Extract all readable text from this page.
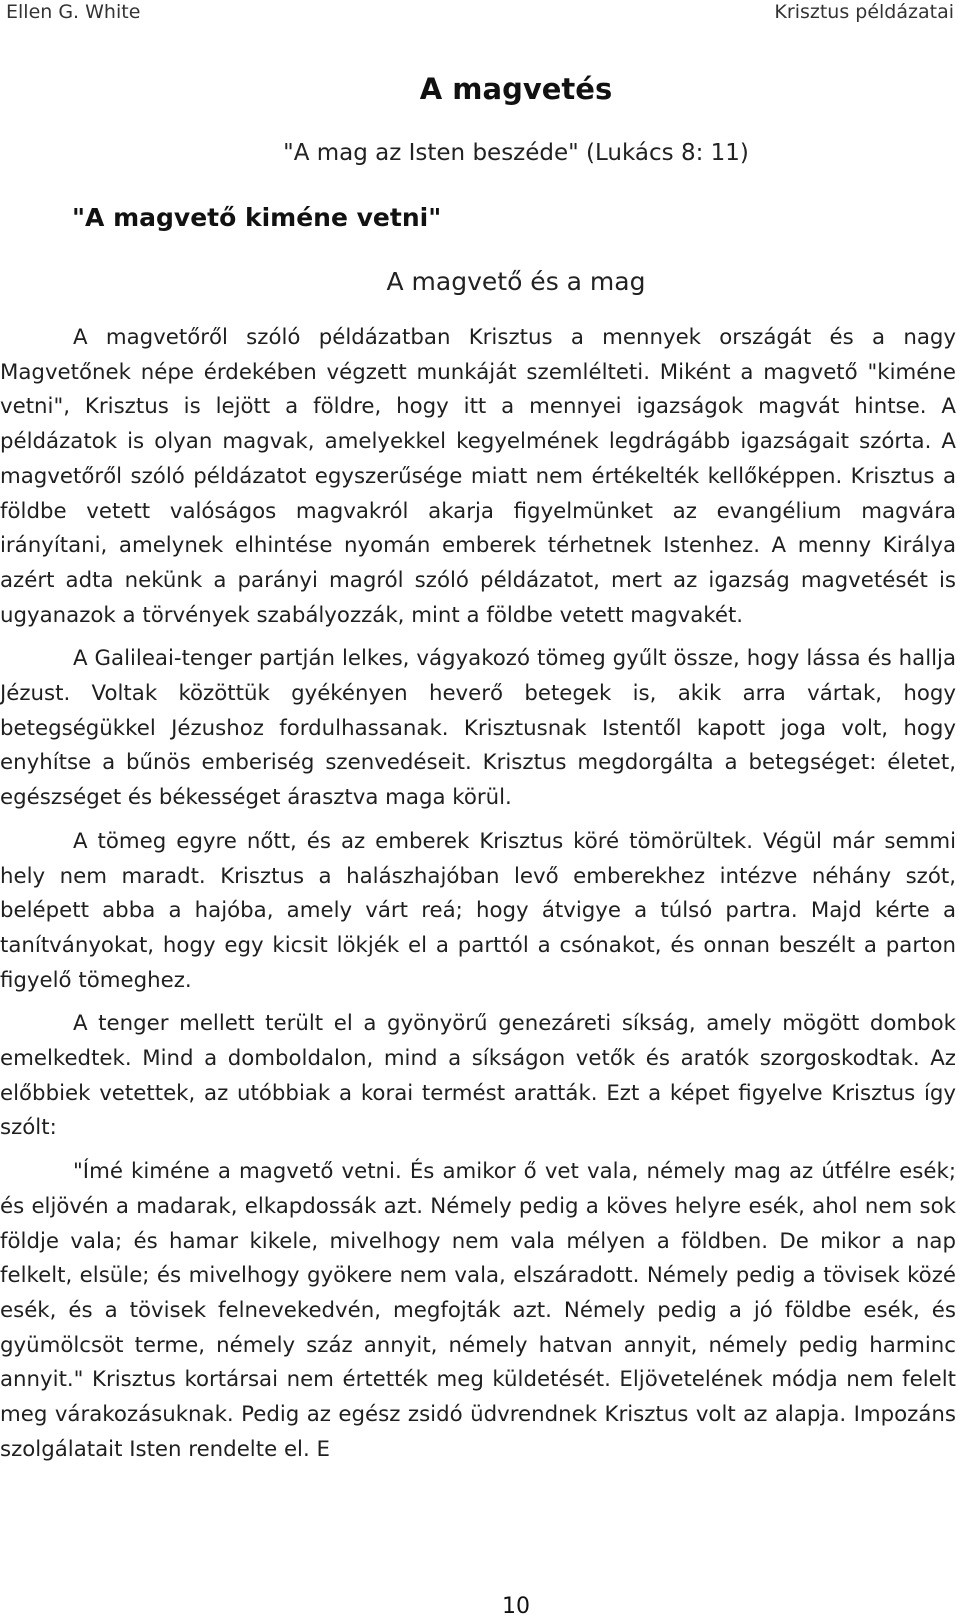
Ellen G. White	Krisztus példázatai
A magvetés
"A mag az Isten beszéde" (Lukács 8: 11)
"A magvető kiméne vetni"
A magvető és a mag

A magvetőről szóló példázatban Krisztus a mennyek országát és a nagy Magvetőnek népe érdekében végzett munkáját szemlélteti. Miként a magvető "kiméne vetni", Krisztus is lejött a földre, hogy itt a mennyei igazságok magvát hintse. A példázatok is olyan magvak, amelyekkel kegyelmének legdrágább igazságait szórta. A magvetőről szóló példázatot egyszerűsége miatt nem értékelték kellőképpen. Krisztus a földbe vetett valóságos magvakról akarja figyelmünket az evangélium magvára irányítani, amelynek elhintése nyomán emberek térhetnek Istenhez. A menny Királya azért adta nekünk a parányi magról szóló példázatot, mert az igazság magvetését is ugyanazok a törvények szabályozzák, mint a földbe vetett magvakét.

A Galileai-tenger partján lelkes, vágyakozó tömeg gyűlt össze, hogy lássa és hallja Jézust. Voltak közöttük gyékényen heverő betegek is, akik arra vártak, hogy betegségükkel Jézushoz fordulhassanak. Krisztusnak Istentől kapott joga volt, hogy enyhítse a bűnös emberiség szenvedéseit. Krisztus megdorgálta a betegséget: életet, egészséget és békességet árasztva maga körül.

A tömeg egyre nőtt, és az emberek Krisztus köré tömörültek. Végül már semmi hely nem maradt. Krisztus a halászhajóban levő emberekhez intézve néhány szót, belépett abba a hajóba, amely várt reá; hogy átvigye a túlsó partra. Majd kérte a tanítványokat, hogy egy kicsit lökjék el a parttól a csónakot, és onnan beszélt a parton figyelő tömeghez.

A tenger mellett terült el a gyönyörű genezáreti síkság, amely mögött dombok emelkedtek. Mind a domboldalon, mind a síkságon vetők és aratók szorgoskodtak. Az előbbiek vetettek, az utóbbiak a korai termést aratták. Ezt a képet figyelve Krisztus így szólt:

"Ímé kiméne a magvető vetni. És amikor ő vet vala, némely mag az útfélre esék; és eljövén a madarak, elkapdossák azt. Némely pedig a köves helyre esék, ahol nem sok földje vala; és hamar kikele, mivelhogy nem vala mélyen a földben. De mikor a nap felkelt, elsüle; és mivelhogy gyökere nem vala, elszáradott. Némely pedig a tövisek közé esék, és a tövisek felnevekedvén, megfojták azt. Némely pedig a jó földbe esék, és gyümölcsöt terme, némely száz annyit, némely hatvan annyit, némely pedig harminc annyit." Krisztus kortársai nem értették meg küldetését. Eljövetelének módja nem felelt meg várakozásuknak. Pedig az egész zsidó üdvrendnek Krisztus volt az alapja. Impozáns szolgálatait Isten rendelte el. E

10
